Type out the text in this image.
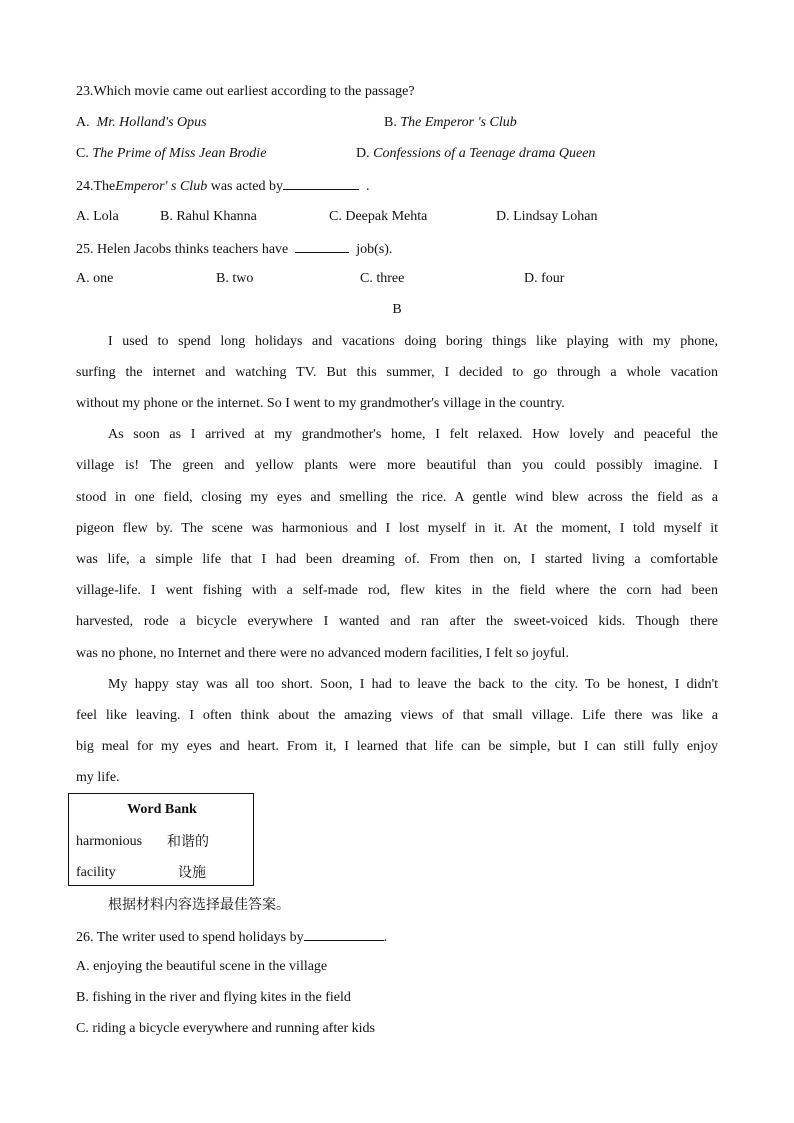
23.Which movie came out earliest according to the passage?
A. Mr. Holland's Opus	B. The Emperor 's Club
C. The Prime of Miss Jean Brodie	D. Confessions of a Teenage drama Queen
24.TheEmperor' s Club was acted by	.
A. Lola	B. Rahul Khanna	C. Deepak Mehta	D. Lindsay Lohan
25. Helen Jacobs thinks teachers have	job(s).
A. one	B. two	C. three	D. four
B
I used to spend long holidays and vacations doing boring things like playing with my phone,
surfing the internet and watching TV. But this summer, I decided to go through a whole vacation
without my phone or the internet. So I went to my grandmother's village in the country.
As soon as I arrived at my grandmother's home, I felt relaxed. How lovely and peaceful the
village is! The green and yellow plants were more beautiful than you could possibly imagine. I
stood in one field, closing my eyes and smelling the rice. A gentle wind blew across the field as a
pigeon flew by. The scene was harmonious and I lost myself in it. At the moment, I told myself it
was life, a simple life that I had been dreaming of. From then on, I started living a comfortable
village-life. I went fishing with a self-made rod, flew kites in the field where the corn had been
harvested, rode a bicycle everywhere I wanted and ran after the sweet-voiced kids. Though there
was no phone, no Internet and there were no advanced modern facilities, I felt so joyful.
My happy stay was all too short. Soon, I had to leave the back to the city. To be honest, I didn't
feel like leaving. I often think about the amazing views of that small village. Life there was like a
big meal for my eyes and heart. From it, I learned that life can be simple, but I can still fully enjoy
my life.
Word Bank
harmonious 和谐的
facility	设施
根据材料内容选择最佳答案。
26. The writer used to spend holidays by	.
A. enjoying the beautiful scene in the village
B. fishing in the river and flying kites in the field
C. riding a bicycle everywhere and running after kids
